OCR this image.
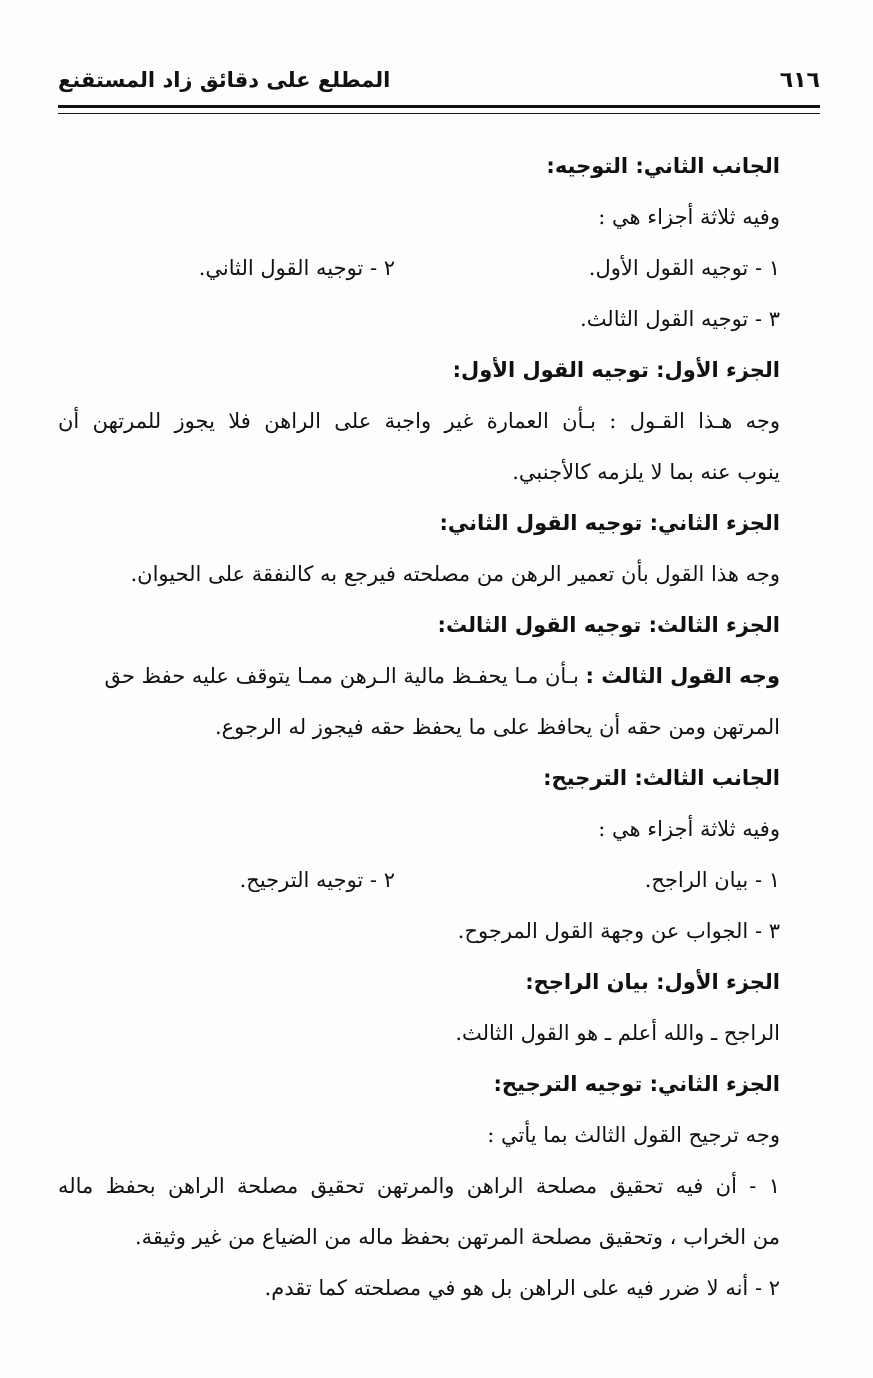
٦١٦
المطلع على دقائق زاد المستقنع
الجانب الثاني: التوجيه:
وفيه ثلاثة أجزاء هي :
١ - توجيه القول الأول.
٢ - توجيه القول الثاني.
٣ - توجيه القول الثالث.
الجزء الأول: توجيه القول الأول:
وجه هـذا القـول : بـأن العمارة غير واجبة على الراهن فلا يجوز للمرتهن أن
ينوب عنه بما لا يلزمه كالأجنبي.
الجزء الثاني: توجيه القول الثاني:
وجه هذا القول بأن تعمير الرهن من مصلحته فيرجع به كالنفقة على الحيوان.
الجزء الثالث: توجيه القول الثالث:
وجه القول الثالث : بـأن مـا يحفـظ مالية الـرهن ممـا يتوقف عليه حفظ حق
المرتهن ومن حقه أن يحافظ على ما يحفظ حقه فيجوز له الرجوع.
الجانب الثالث: الترجيح:
وفيه ثلاثة أجزاء هي :
١ - بيان الراجح.
٢ - توجيه الترجيح.
٣ - الجواب عن وجهة القول المرجوح.
الجزء الأول: بيان الراجح:
الراجح ـ والله أعلم ـ هو القول الثالث.
الجزء الثاني: توجيه الترجيح:
وجه ترجيح القول الثالث بما يأتي :
١ - أن فيه تحقيق مصلحة الراهن والمرتهن تحقيق مصلحة الراهن بحفظ ماله
من الخراب ، وتحقيق مصلحة المرتهن بحفظ ماله من الضياع من غير وثيقة.
٢ - أنه لا ضرر فيه على الراهن بل هو في مصلحته كما تقدم.
